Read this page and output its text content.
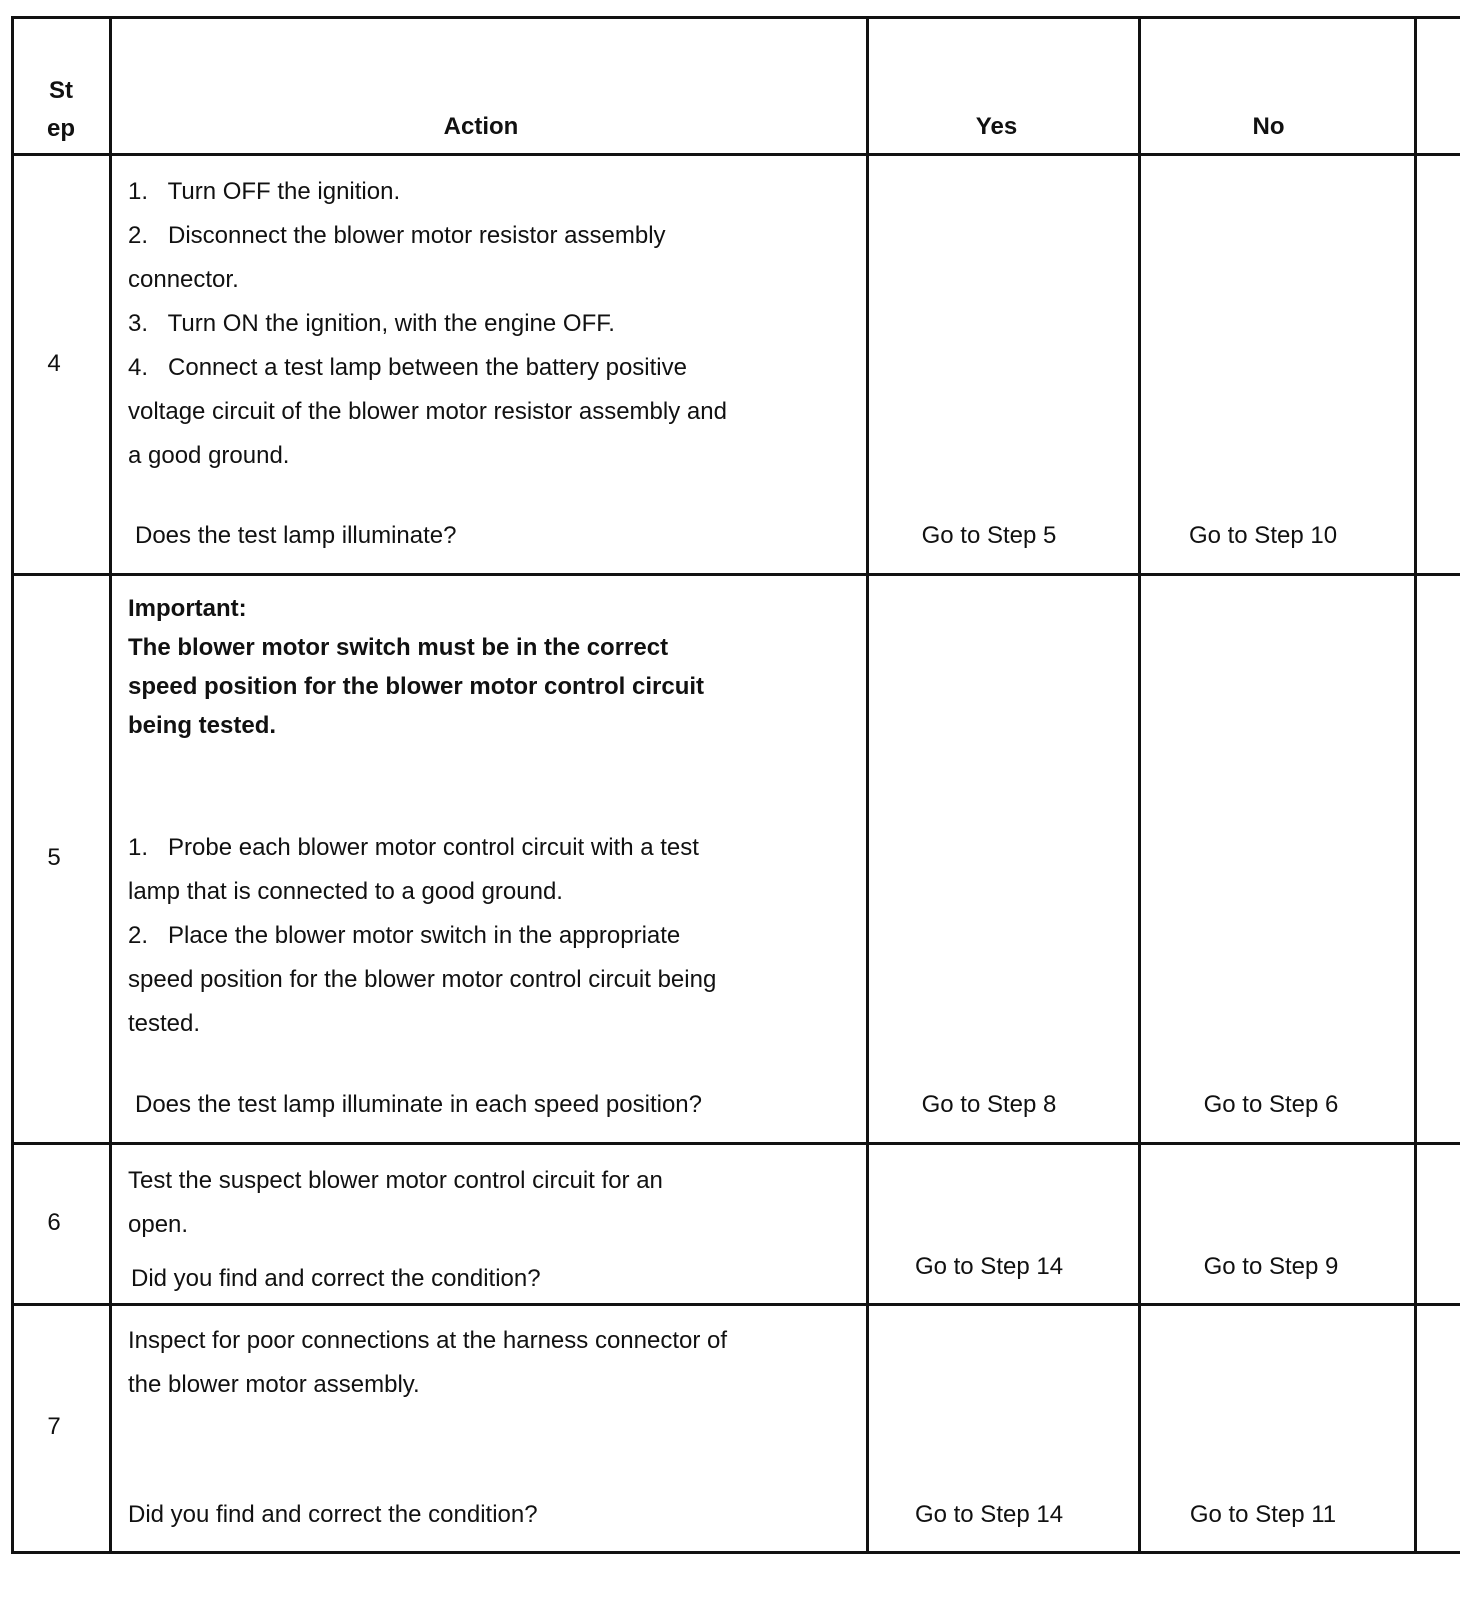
St
ep	Action	Yes	No
4
1.   Turn OFF the ignition.
2.   Disconnect the blower motor resistor assembly
connector.
3.   Turn ON the ignition, with the engine OFF.
4.   Connect a test lamp between the battery positive
voltage circuit of the blower motor resistor assembly and
a good ground.
Does the test lamp illuminate?	Go to Step 5	Go to Step 10
5
Important:
The blower motor switch must be in the correct
speed position for the blower motor control circuit
being tested.
1.   Probe each blower motor control circuit with a test
lamp that is connected to a good ground.
2.   Place the blower motor switch in the appropriate
speed position for the blower motor control circuit being
tested.
Does the test lamp illuminate in each speed position?	Go to Step 8	Go to Step 6
6
Test the suspect blower motor control circuit for an
open.
Did you find and correct the condition?	Go to Step 14	Go to Step 9
7
Inspect for poor connections at the harness connector of
the blower motor assembly.
Did you find and correct the condition?	Go to Step 14	Go to Step 11
